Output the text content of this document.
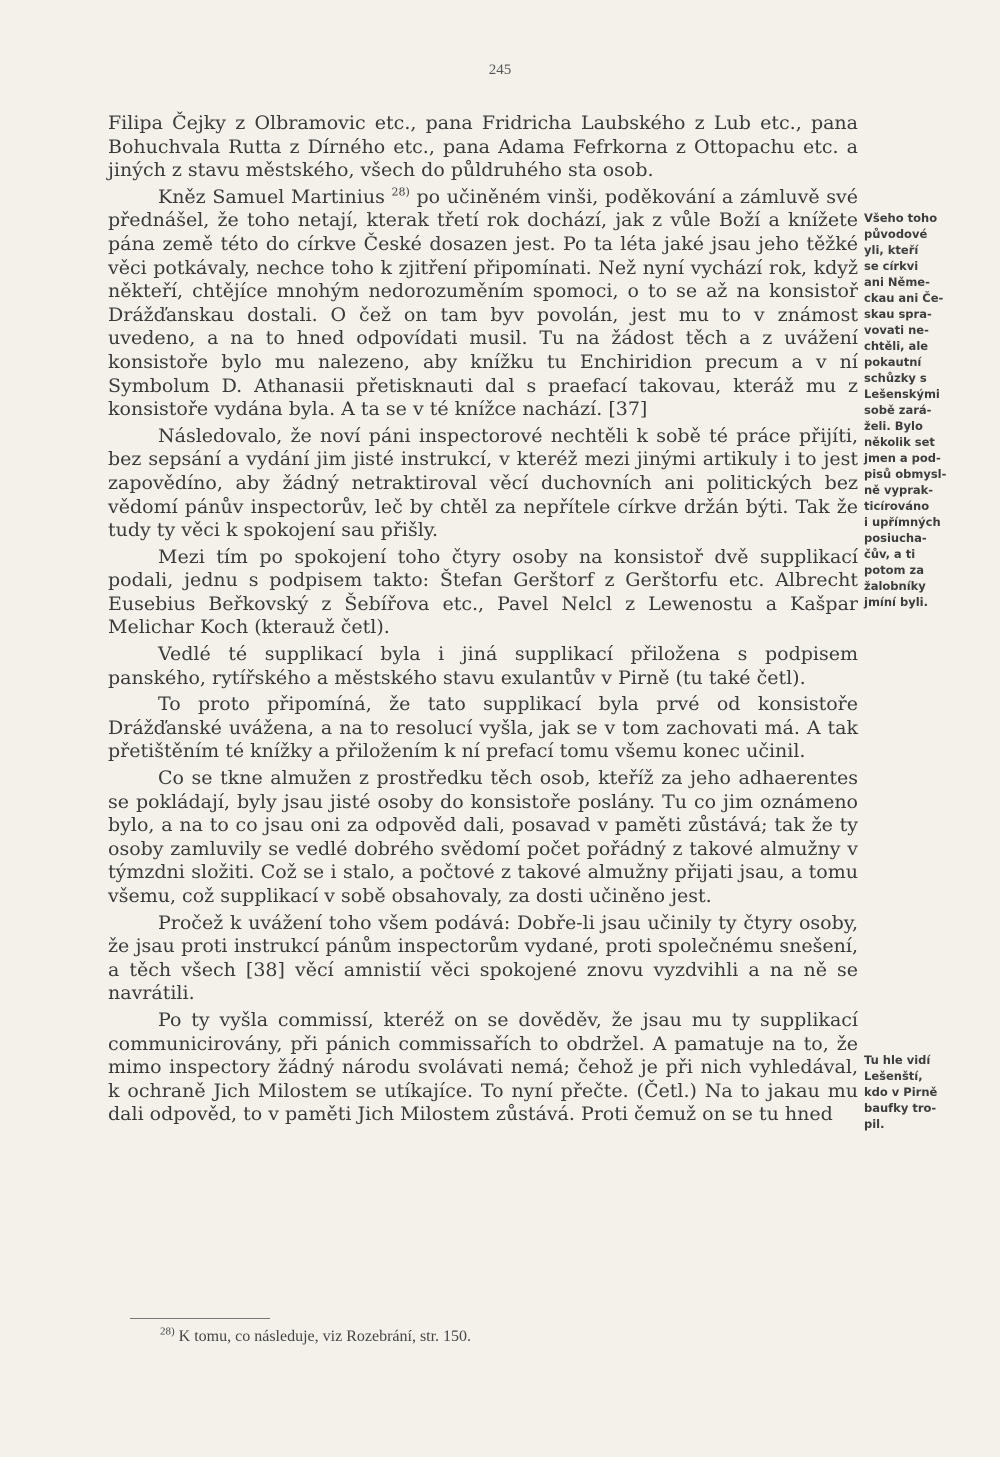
245

Filipa Čejky z Olbramovic etc., pana Fridricha Laubského z Lub etc., pana Bohuchvala Rutta z Dírného etc., pana Adama Fefrkorna z Ottopachu etc. a jiných z stavu městského, všech do půldruhého sta osob.

Kněz Samuel Martinius $^{28)}$ po učiněném vinši, poděkování a zámluvě své přednášel, že toho netají, kterak třetí rok dochází, jak z vůle Boží a knížete pána země této do církve České dosazen jest. Po ta léta jaké jsau jeho těžké věci potkávaly, nechce toho k zjitření připomínati. Než nyní vychází rok, když někteří, chtějíce mnohým nedorozuměním spomoci, o to se až na konsistoř Drážďanskau dostali. O čež on tam byv povolán, jest mu to v známost uvedeno, a na to hned odpovídati musil. Tu na žádost těch a z uvážení konsistoře bylo mu nalezeno, aby knížku tu Enchiridion precum a v ní Symbolum D. Athanasii přetisknauti dal s praefací takovau, kteráž mu z konsistoře vydána byla. A ta se v té knížce nachází. [37]

Následovalo, že noví páni inspectorové nechtěli k sobě té práce přijíti, bez sepsání a vydání jim jisté instrukcí, v kteréž mezi jinými artikuly i to jest zapovědíno, aby žádný netraktiroval věcí duchovních ani politických bez vědomí pánův inspectorův, leč by chtěl za nepřítele církve držán býti. Tak že tudy ty věci k spokojení sau přišly.

Mezi tím po spokojení toho čtyry osoby na konsistoř dvě supplikací podali, jednu s podpisem takto: Štefan Gerštorf z Gerštorfu etc. Albrecht Eusebius Beřkovský z Šebířova etc., Pavel Nelcl z Lewenostu a Kašpar Melichar Koch (kterauž četl).

Vedlé té supplikací byla i jiná supplikací přiložena s podpisem panského, rytířského a městského stavu exulantův v Pirně (tu také četl).

To proto připomíná, že tato supplikací byla prvé od konsistoře Drážďanské uvážena, a na to resolucí vyšla, jak se v tom zachovati má. A tak přetištěním té knížky a přiložením k ní prefací tomu všemu konec učinil.

Co se tkne almužen z prostředku těch osob, kteříž za jeho adhaerentes se pokládají, byly jsau jisté osoby do konsistoře poslány. Tu co jim oznámeno bylo, a na to co jsau oni za odpověd dali, posavad v paměti zůstává; tak že ty osoby zamluvily se vedlé dobrého svědomí počet pořádný z takové almužny v týmzdni složiti. Což se i stalo, a počtové z takové almužny přijati jsau, a tomu všemu, což supplikací v sobě obsahovaly, za dosti učiněno jest.

Pročež k uvážení toho všem podává: Dobře-li jsau učinily ty čtyry osoby, že jsau proti instrukcí pánům inspectorům vydané, proti společnému snešení, a těch všech [38] věcí amnistií věci spokojené znovu vyzdvihli a na ně se navrátili.

Po ty vyšla commissí, kteréž on se dověděv, že jsau mu ty supplikací communicirovány, při pánich commissařích to obdržel. A pamatuje na to, že mimo inspectory žádný národu svolávati nemá; čehož je při nich vyhledával, k ochraně Jich Milostem se utíkajíce. To nyní přečte. (Četl.) Na to jakau mu dali odpověd, to v paměti Jich Milostem zůstává. Proti čemuž on se tu hned

Všeho toho
původové
yli, kteří
se církvi
ani Něme-
ckau ani Če-
skau spra-
vovati ne-
chtěli, ale
pokautní
schůzky s
Lešenskými
sobě zará-
želi. Bylo
několik set
jmen a pod-
pisů obmysl-
ně vyprak-
ticírováno
i upřímných
posiucha-
čův, a ti
potom za
žalobníky
jmíní byli.
Tu hle vidí
Lešenští,
kdo v Pirně
baufky tro-
pil.
$^{28)}$ K tomu, co následuje, viz Rozebrání, str. 150.
